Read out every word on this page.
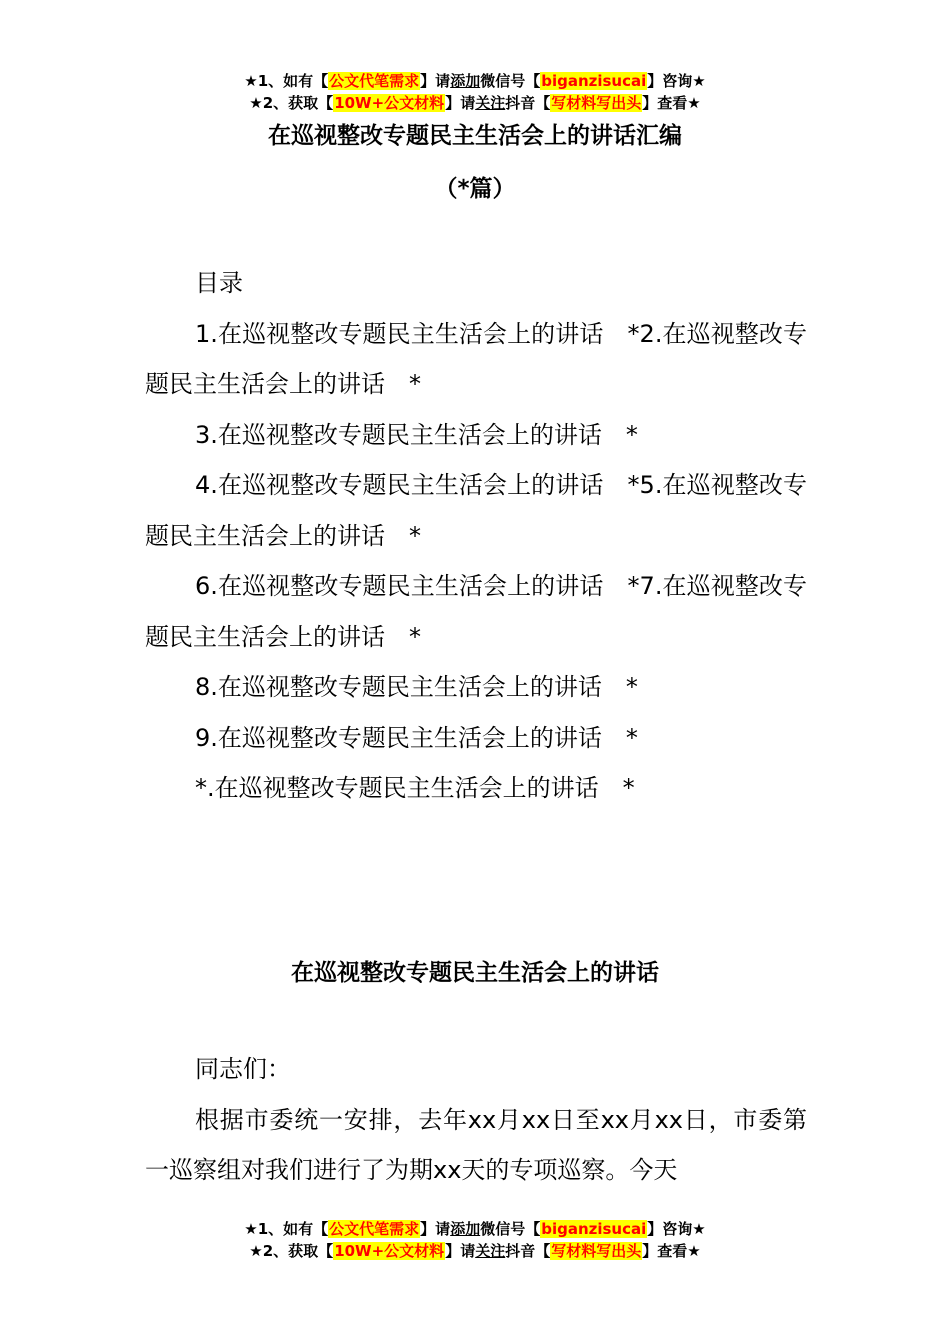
★1、如有【公文代笔需求】请添加微信号【biganzisucai】咨询★
★2、获取【10W+公文材料】请关注抖音【写材料写出头】查看★
在巡视整改专题民主生活会上的讲话汇编
（*篇）

目录

1.在巡视整改专题民主生活会上的讲话　*2.在巡视整改专题民主生活会上的讲话　*

3.在巡视整改专题民主生活会上的讲话　*

4.在巡视整改专题民主生活会上的讲话　*5.在巡视整改专题民主生活会上的讲话　*

6.在巡视整改专题民主生活会上的讲话　*7.在巡视整改专题民主生活会上的讲话　*

8.在巡视整改专题民主生活会上的讲话　*

9.在巡视整改专题民主生活会上的讲话　*

*.在巡视整改专题民主生活会上的讲话　*

在巡视整改专题民主生活会上的讲话

同志们：

根据市委统一安排，去年xx月xx日至xx月xx日，市委第一巡察组对我们进行了为期xx天的专项巡察。今天

★1、如有【公文代笔需求】请添加微信号【biganzisucai】咨询★
★2、获取【10W+公文材料】请关注抖音【写材料写出头】查看★
